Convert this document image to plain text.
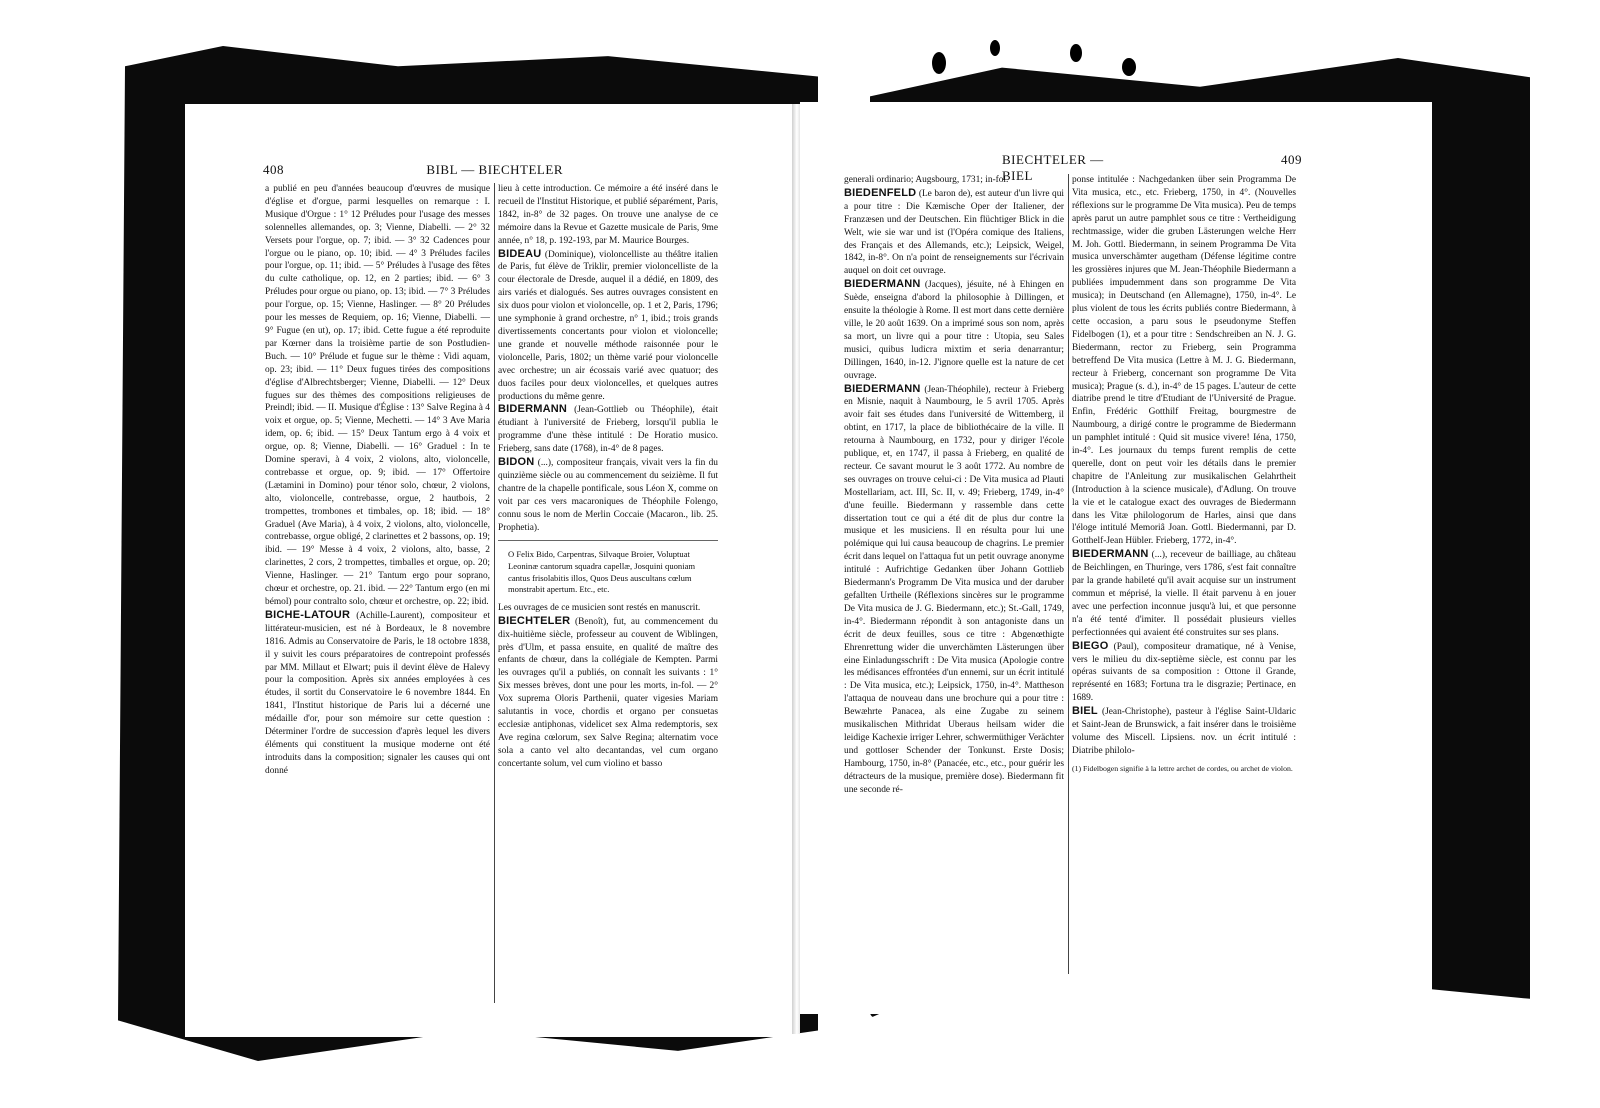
408	BIBL — BIECHTELER

a publié en peu d'années beaucoup d'œuvres de musique d'église et d'orgue, parmi lesquelles on remarque : I. Musique d'Orgue : 1° 12 Préludes pour l'usage des messes solennelles allemandes, op. 3; Vienne, Diabelli. — 2° 32 Versets pour l'orgue, op. 7; ibid. — 3° 32 Cadences pour l'orgue ou le piano, op. 10; ibid. — 4° 3 Préludes faciles pour l'orgue, op. 11; ibid. — 5° Préludes à l'usage des fêtes du culte catholique, op. 12, en 2 parties; ibid. — 6° 3 Préludes pour orgue ou piano, op. 13; ibid. — 7° 3 Préludes pour l'orgue, op. 15; Vienne, Haslinger. — 8° 20 Préludes pour les messes de Requiem, op. 16; Vienne, Diabelli. — 9° Fugue (en ut), op. 17; ibid. Cette fugue a été reproduite par Kœrner dans la troisième partie de son Postludien-Buch. — 10° Prélude et fugue sur le thème : Vidi aquam, op. 23; ibid. — 11° Deux fugues tirées des compositions d'église d'Albrechtsberger; Vienne, Diabelli. — 12° Deux fugues sur des thèmes des compositions religieuses de Preindl; ibid. — II. Musique d'Église : 13° Salve Regina à 4 voix et orgue, op. 5; Vienne, Mechetti. — 14° 3 Ave Maria idem, op. 6; ibid. — 15° Deux Tantum ergo à 4 voix et orgue, op. 8; Vienne, Diabelli. — 16° Graduel : In te Domine speravi, à 4 voix, 2 violons, alto, violoncelle, contrebasse et orgue, op. 9; ibid. — 17° Offertoire (Lætamini in Domino) pour ténor solo, chœur, 2 violons, alto, violoncelle, contrebasse, orgue, 2 hautbois, 2 trompettes, trombones et timbales, op. 18; ibid. — 18° Graduel (Ave Maria), à 4 voix, 2 violons, alto, violoncelle, contrebasse, orgue obligé, 2 clarinettes et 2 bassons, op. 19; ibid. — 19° Messe à 4 voix, 2 violons, alto, basse, 2 clarinettes, 2 cors, 2 trompettes, timballes et orgue, op. 20; Vienne, Haslinger. — 21° Tantum ergo pour soprano, chœur et orchestre, op. 21. ibid. — 22° Tantum ergo (en mi bémol) pour contralto solo, chœur et orchestre, op. 22; ibid.

BICHE-LATOUR (Achille-Laurent), compositeur et littérateur-musicien, est né à Bordeaux, le 8 novembre 1816. Admis au Conservatoire de Paris, le 18 octobre 1838, il y suivit les cours préparatoires de contrepoint professés par MM. Millaut et Elwart; puis il devint élève de Halevy pour la composition. Après six années employées à ces études, il sortit du Conservatoire le 6 novembre 1844. En 1841, l'Institut historique de Paris lui a décerné une médaille d'or, pour son mémoire sur cette question : Déterminer l'ordre de succession d'après lequel les divers éléments qui constituent la musique moderne ont été introduits dans la composition; signaler les causes qui ont donné

lieu à cette introduction. Ce mémoire a été inséré dans le recueil de l'Institut Historique, et publié séparément, Paris, 1842, in-8° de 32 pages. On trouve une analyse de ce mémoire dans la Revue et Gazette musicale de Paris, 9me année, n° 18, p. 192-193, par M. Maurice Bourges.

BIDEAU (Dominique), violoncelliste au théâtre italien de Paris, fut élève de Triklir, premier violoncelliste de la cour électorale de Dresde, auquel il a dédié, en 1809, des airs variés et dialogués. Ses autres ouvrages consistent en six duos pour violon et violoncelle, op. 1 et 2, Paris, 1796; une symphonie à grand orchestre, n° 1, ibid.; trois grands divertissements concertants pour violon et violoncelle; une grande et nouvelle méthode raisonnée pour le violoncelle, Paris, 1802; un thème varié pour violoncelle avec orchestre; un air écossais varié avec quatuor; des duos faciles pour deux violoncelles, et quelques autres productions du même genre.

BIDERMANN (Jean-Gottlieb ou Théophile), était étudiant à l'université de Frieberg, lorsqu'il publia le programme d'une thèse intitulé : De Horatio musico. Frieberg, sans date (1768), in-4° de 8 pages.

BIDON (...), compositeur français, vivait vers la fin du quinzième siècle ou au commencement du seizième. Il fut chantre de la chapelle pontificale, sous Léon X, comme on voit par ces vers macaroniques de Théophile Folengo, connu sous le nom de Merlin Coccaie (Macaron., lib. 25. Prophetia).

O Felix Bido, Carpentras, Silvaque Broier, Voluptuat Leoninæ cantorum squadra capellæ, Josquini quoniam cantus frisolabitis illos, Quos Deus auscultans cœlum monstrabit apertum. Etc., etc.

Les ouvrages de ce musicien sont restés en manuscrit.

BIECHTELER (Benoît), fut, au commencement du dix-huitième siècle, professeur au couvent de Wiblingen, près d'Ulm, et passa ensuite, en qualité de maître des enfants de chœur, dans la collégiale de Kempten. Parmi les ouvrages qu'il a publiés, on connaît les suivants : 1° Six messes brèves, dont une pour les morts, in-fol. — 2° Vox suprema Oloris Parthenii, quater vigesies Mariam salutantis in voce, chordis et organo per consuetas ecclesiæ antiphonas, videlicet sex Alma redemptoris, sex Ave regina cœlorum, sex Salve Regina; alternatim voce sola a canto vel alto decantandas, vel cum organo concertante solum, vel cum violino et basso

BIECHTELER — BIEL
409

generali ordinario; Augsbourg, 1731; in-fol.

BIEDENFELD (Le baron de), est auteur d'un livre qui a pour titre : Die Kæmische Oper der Italiener, der Franzæsen und der Deutschen. Ein flüchtiger Blick in die Welt, wie sie war und ist (l'Opéra comique des Italiens, des Français et des Allemands, etc.); Leipsick, Weigel, 1842, in-8°. On n'a point de renseignements sur l'écrivain auquel on doit cet ouvrage.

BIEDERMANN (Jacques), jésuite, né à Ehingen en Suède, enseigna d'abord la philosophie à Dillingen, et ensuite la théologie à Rome. Il est mort dans cette dernière ville, le 20 août 1639. On a imprimé sous son nom, après sa mort, un livre qui a pour titre : Utopia, seu Sales musici, quibus ludicra mixtim et seria denarrantur; Dillingen, 1640, in-12. J'ignore quelle est la nature de cet ouvrage.

BIEDERMANN (Jean-Théophile), recteur à Frieberg en Misnie, naquit à Naumbourg, le 5 avril 1705. Après avoir fait ses études dans l'université de Wittemberg, il obtint, en 1717, la place de bibliothécaire de la ville. Il retourna à Naumbourg, en 1732, pour y diriger l'école publique, et, en 1747, il passa à Frieberg, en qualité de recteur. Ce savant mourut le 3 août 1772. Au nombre de ses ouvrages on trouve celui-ci : De Vita musica ad Plauti Mostellariam, act. III, Sc. II, v. 49; Frieberg, 1749, in-4° d'une feuille. Biedermann y rassemble dans cette dissertation tout ce qui a été dit de plus dur contre la musique et les musiciens. Il en résulta pour lui une polémique qui lui causa beaucoup de chagrins. Le premier écrit dans lequel on l'attaqua fut un petit ouvrage anonyme intitulé : Aufrichtige Gedanken über Johann Gottlieb Biedermann's Programm De Vita musica und der daruber gefallten Urtheile (Réflexions sincères sur le programme De Vita musica de J. G. Biedermann, etc.); St.-Gall, 1749, in-4°. Biedermann répondit à son antagoniste dans un écrit de deux feuilles, sous ce titre : Abgenœthigte Ehrenrettung wider die unverchämten Lästerungen über eine Einladungsschrift : De Vita musica (Apologie contre les médisances effrontées d'un ennemi, sur un écrit intitulé : De Vita musica, etc.); Leipsick, 1750, in-4°. Mattheson l'attaqua de nouveau dans une brochure qui a pour titre : Bewæhrte Panacea, als eine Zugabe zu seinem musikalischen Mithridat Uberaus heilsam wider die leidige Kachexie irriger Lehrer, schwermüthiger Verächter und gottloser Schender der Tonkunst. Erste Dosis; Hambourg, 1750, in-8° (Panacée, etc., etc., pour guérir les détracteurs de la musique, première dose). Biedermann fit une seconde ré-

ponse intitulée : Nachgedanken über sein Programma De Vita musica, etc., etc. Frieberg, 1750, in 4°. (Nouvelles réflexions sur le programme De Vita musica). Peu de temps après parut un autre pamphlet sous ce titre : Vertheidigung rechtmassige, wider die gruben Lästerungen welche Herr M. Joh. Gottl. Biedermann, in seinem Programma De Vita musica unverschämter augetham (Défense légitime contre les grossières injures que M. Jean-Théophile Biedermann a publiées impudemment dans son programme De Vita musica); in Deutschand (en Allemagne), 1750, in-4°. Le plus violent de tous les écrits publiés contre Biedermann, à cette occasion, a paru sous le pseudonyme Steffen Fidelbogen (1), et a pour titre : Sendschreiben an N. J. G. Biedermann, rector zu Frieberg, sein Programma betreffend De Vita musica (Lettre à M. J. G. Biedermann, recteur à Frieberg, concernant son programme De Vita musica); Prague (s. d.), in-4° de 15 pages. L'auteur de cette diatribe prend le titre d'Etudiant de l'Université de Prague. Enfin, Frédéric Gotthilf Freitag, bourgmestre de Naumbourg, a dirigé contre le programme de Biedermann un pamphlet intitulé : Quid sit musice vivere! Iéna, 1750, in-4°. Les journaux du temps furent remplis de cette querelle, dont on peut voir les détails dans le premier chapitre de l'Anleitung zur musikalischen Gelahrtheit (Introduction à la science musicale), d'Adlung. On trouve la vie et le catalogue exact des ouvrages de Biedermann dans les Vitæ philologorum de Harles, ainsi que dans l'éloge intitulé Memoriâ Joan. Gottl. Biedermanni, par D. Gotthelf-Jean Hübler. Frieberg, 1772, in-4°.

BIEDERMANN (...), receveur de bailliage, au château de Beichlingen, en Thuringe, vers 1786, s'est fait connaître par la grande habileté qu'il avait acquise sur un instrument commun et méprisé, la vielle. Il était parvenu à en jouer avec une perfection inconnue jusqu'à lui, et que personne n'a été tenté d'imiter. Il possédait plusieurs vielles perfectionnées qui avaient été construites sur ses plans.

BIEGO (Paul), compositeur dramatique, né à Venise, vers le milieu du dix-septième siècle, est connu par les opéras suivants de sa composition : Ottone il Grande, représenté en 1683; Fortuna tra le disgrazie; Pertinace, en 1689.

BIEL (Jean-Christophe), pasteur à l'église Saint-Uldaric et Saint-Jean de Brunswick, a fait insérer dans le troisième volume des Miscell. Lipsiens. nov. un écrit intitulé : Diatribe philolo-

(1) Fidelbogen signifie à la lettre archet de cordes, ou archet de violon.
